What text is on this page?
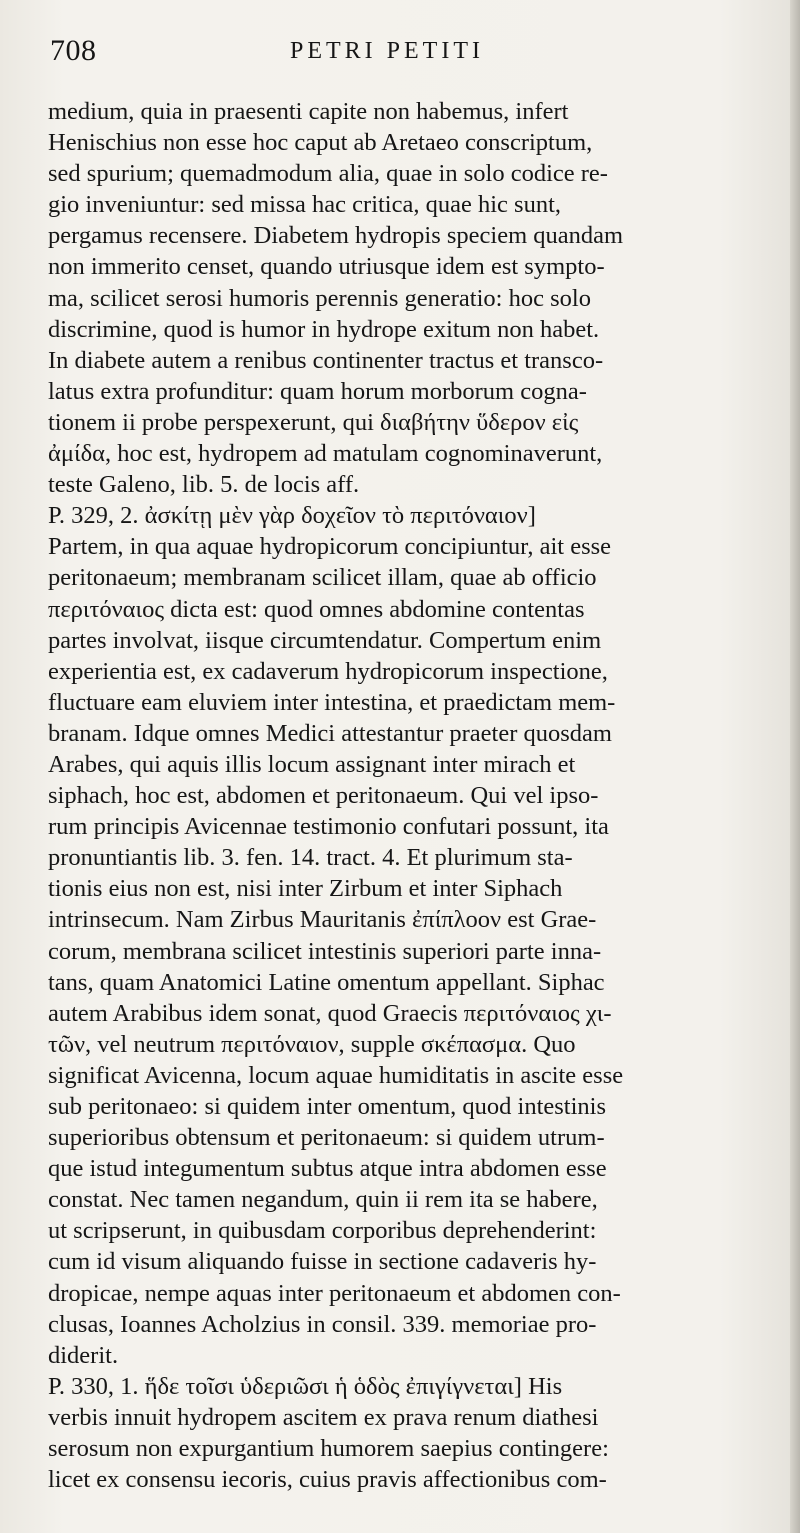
708	PETRI PETITI
medium, quia in praesenti capite non habemus, infert
Henischius non esse hoc caput ab Aretaeo conscriptum,
sed spurium; quemadmodum alia, quae in solo codice re-
gio inveniuntur: sed missa hac critica, quae hic sunt,
pergamus recensere. Diabetem hydropis speciem quandam
non immerito censet, quando utriusque idem est sympto-
ma, scilicet serosi humoris perennis generatio: hoc solo
discrimine, quod is humor in hydrope exitum non habet.
In diabete autem a renibus continenter tractus et transco-
latus extra profunditur: quam horum morborum cogna-
tionem ii probe perspexerunt, qui διαβήτην ὕδερον εἰς
ἀμίδα, hoc est, hydropem ad matulam cognominaverunt,
teste Galeno, lib. 5. de locis aff.
P. 329, 2. ἀσκίτῃ μὲν γὰρ δοχεῖον τὸ περιτόναιον]
Partem, in qua aquae hydropicorum concipiuntur, ait esse
peritonaeum; membranam scilicet illam, quae ab officio
περιτόναιος dicta est: quod omnes abdomine contentas
partes involvat, iisque circumtendatur. Compertum enim
experientia est, ex cadaverum hydropicorum inspectione,
fluctuare eam eluviem inter intestina, et praedictam mem-
branam. Idque omnes Medici attestantur praeter quosdam
Arabes, qui aquis illis locum assignant inter mirach et
siphach, hoc est, abdomen et peritonaeum. Qui vel ipso-
rum principis Avicennae testimonio confutari possunt, ita
pronuntiantis lib. 3. fen. 14. tract. 4. Et plurimum sta-
tionis eius non est, nisi inter Zirbum et inter Siphach
intrinsecum. Nam Zirbus Mauritanis ἐπίπλοον est Grae-
corum, membrana scilicet intestinis superiori parte inna-
tans, quam Anatomici Latine omentum appellant. Siphac
autem Arabibus idem sonat, quod Graecis περιτόναιος χι-
τῶν, vel neutrum περιτόναιον, supple σκέπασμα. Quo
significat Avicenna, locum aquae humiditatis in ascite esse
sub peritonaeo: si quidem inter omentum, quod intestinis
superioribus obtensum et peritonaeum: si quidem utrum-
que istud integumentum subtus atque intra abdomen esse
constat. Nec tamen negandum, quin ii rem ita se habere,
ut scripserunt, in quibusdam corporibus deprehenderint:
cum id visum aliquando fuisse in sectione cadaveris hy-
dropicae, nempe aquas inter peritonaeum et abdomen con-
clusas, Ioannes Acholzius in consil. 339. memoriae pro-
diderit.
P. 330, 1. ἥδε τοῖσι ὑδεριῶσι ἡ ὁδὸς ἐπιγίγνεται] His
verbis innuit hydropem ascitem ex prava renum diathesi
serosum non expurgantium humorem saepius contingere:
licet ex consensu iecoris, cuius pravis affectionibus com-
